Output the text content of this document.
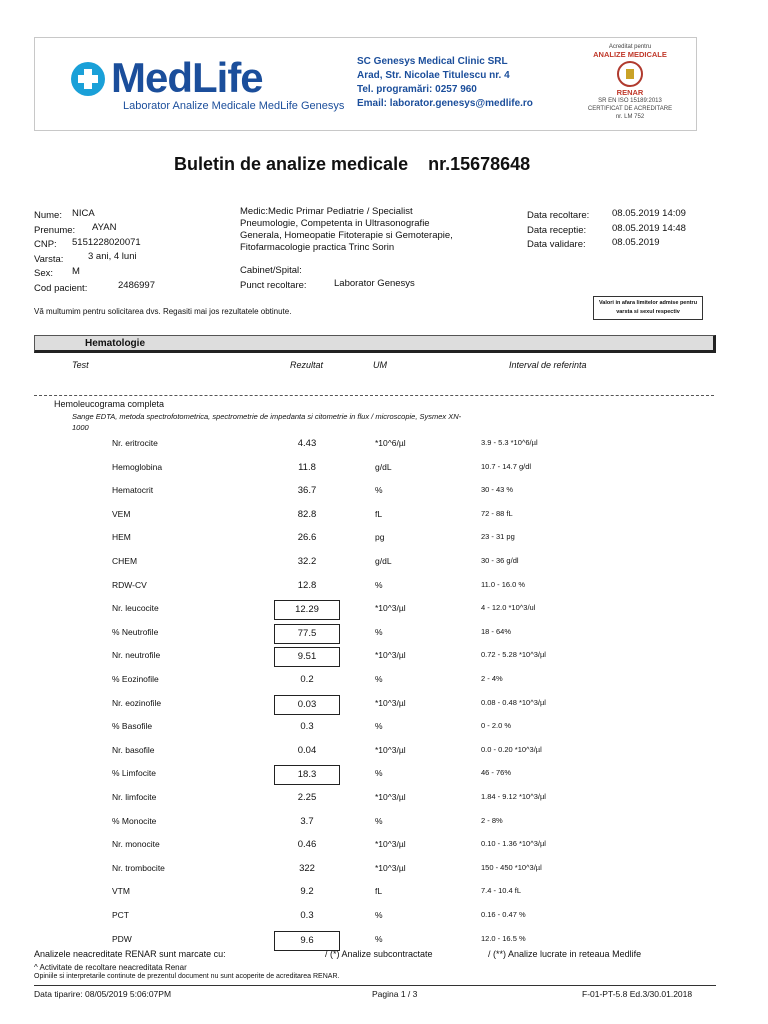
MedLife
Laborator Analize Medicale MedLife Genesys
SC Genesys Medical Clinic SRL
Arad, Str. Nicolae Titulescu nr. 4
Tel. programări: 0257 960
Email: laborator.genesys@medlife.ro
Acreditat pentru
ANALIZE MEDICALE
RENAR
SR EN ISO 15189:2013
CERTIFICAT DE ACREDITARE
nr. LM 752
Buletin de analize medicale nr.15678648
Nume: NICA
Prenume: AYAN
CNP: 5151228020071
Varsta:	3 ani, 4 luni
Sex: M
Cod pacient:	2486997
Medic:Medic Primar Pediatrie / Specialist Pneumologie, Competenta in Ultrasonografie Generala, Homeopatie Fitoterapie si Gemoterapie, Fitofarmacologie practica Trinc Sorin
Cabinet/Spital:
Punct recoltare:	Laborator Genesys
Data recoltare: 08.05.2019 14:09
Data receptie:	08.05.2019 14:48
Data validare:	08.05.2019
Vă multumim pentru solicitarea dvs. Regasiti mai jos rezultatele obtinute.
Valori in afara limitelor admise pentru varsta si sexul respectiv
Hematologie
Test	Rezultat	UM	Interval de referinta
Hemoleucograma completa
Sange EDTA, metoda spectrofotometrica, spectrometrie de impedanta si citometrie in flux / microscopie, Sysmex XN-1000
Nr. eritrocite	4.43	*10^6/µl	3.9 - 5.3 *10^6/µl
Hemoglobina	11.8	g/dL	10.7 - 14.7 g/dl
Hematocrit	36.7	%	30 - 43 %
VEM	82.8	fL	72 - 88 fL
HEM	26.6	pg	23 - 31 pg
CHEM	32.2	g/dL	30 - 36 g/dl
RDW-CV	12.8	%	11.0 - 16.0 %
Nr. leucocite	12.29	*10^3/µl	4 - 12.0 *10^3/ul
% Neutrofile	77.5	%	18 - 64%
Nr. neutrofile	9.51	*10^3/µl	0.72 - 5.28 *10^3/µl
% Eozinofile	0.2	%	2 - 4%
Nr. eozinofile	0.03	*10^3/µl	0.08 - 0.48 *10^3/µl
% Basofile	0.3	%	0 - 2.0 %
Nr. basofile	0.04	*10^3/µl	0.0 - 0.20 *10^3/µl
% Limfocite	18.3	%	46 - 76%
Nr. limfocite	2.25	*10^3/µl	1.84 - 9.12 *10^3/µl
% Monocite	3.7	%	2 - 8%
Nr. monocite	0.46	*10^3/µl	0.10 - 1.36 *10^3/µl
Nr. trombocite	322	*10^3/µl	150 - 450 *10^3/µl
VTM	9.2	fL	7.4 - 10.4 fL
PCT	0.3	%	0.16 - 0.47 %
PDW	9.6	%	12.0 - 16.5 %
Analizele neacreditate RENAR sunt marcate cu:	/ (*) Analize subcontractate	/ (**) Analize lucrate in reteaua Medlife
^ Activitate de recoltare neacreditata Renar
Opiniile si interpretarile continute de prezentul document nu sunt acoperite de acreditarea RENAR.
Data tiparire: 08/05/2019 5:06:07PM	Pagina 1 / 3	F-01-PT-5.8 Ed.3/30.01.2018
